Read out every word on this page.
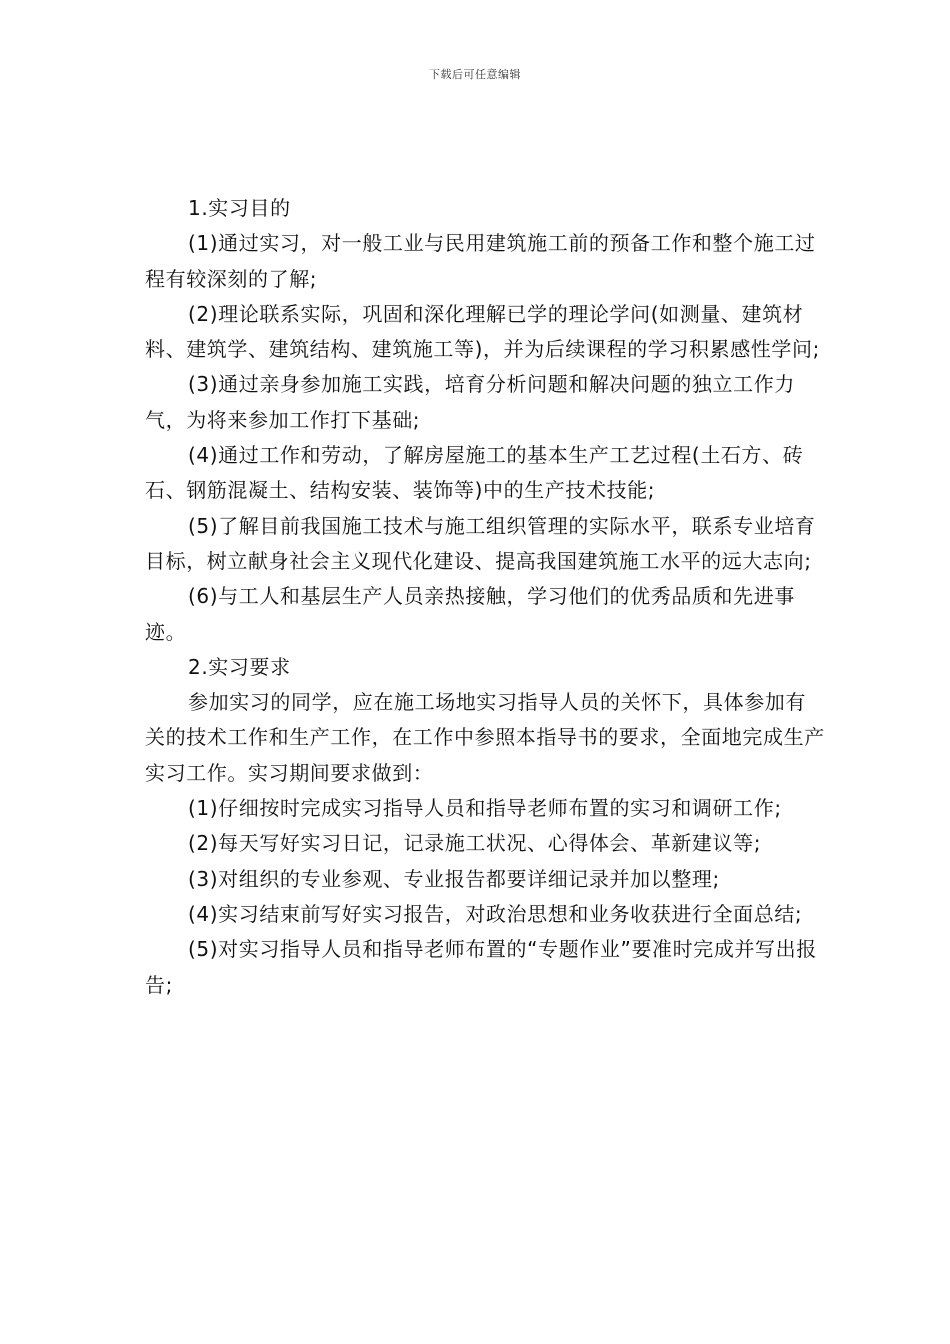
下载后可任意编辑

1.实习目的

(1)通过实习，对一般工业与民用建筑施工前的预备工作和整个施工过程有较深刻的了解;

(2)理论联系实际，巩固和深化理解已学的理论学问(如测量、建筑材料、建筑学、建筑结构、建筑施工等)，并为后续课程的学习积累感性学问;

(3)通过亲身参加施工实践，培育分析问题和解决问题的独立工作力气，为将来参加工作打下基础;

(4)通过工作和劳动，了解房屋施工的基本生产工艺过程(土石方、砖石、钢筋混凝土、结构安装、装饰等)中的生产技术技能;

(5)了解目前我国施工技术与施工组织管理的实际水平，联系专业培育目标，树立献身社会主义现代化建设、提高我国建筑施工水平的远大志向;

(6)与工人和基层生产人员亲热接触，学习他们的优秀品质和先进事迹。

2.实习要求

参加实习的同学，应在施工场地实习指导人员的关怀下，具体参加有关的技术工作和生产工作，在工作中参照本指导书的要求，全面地完成生产实习工作。实习期间要求做到：

(1)仔细按时完成实习指导人员和指导老师布置的实习和调研工作;

(2)每天写好实习日记，记录施工状况、心得体会、革新建议等;

(3)对组织的专业参观、专业报告都要详细记录并加以整理;

(4)实习结束前写好实习报告，对政治思想和业务收获进行全面总结;

(5)对实习指导人员和指导老师布置的“专题作业”要准时完成并写出报告;
